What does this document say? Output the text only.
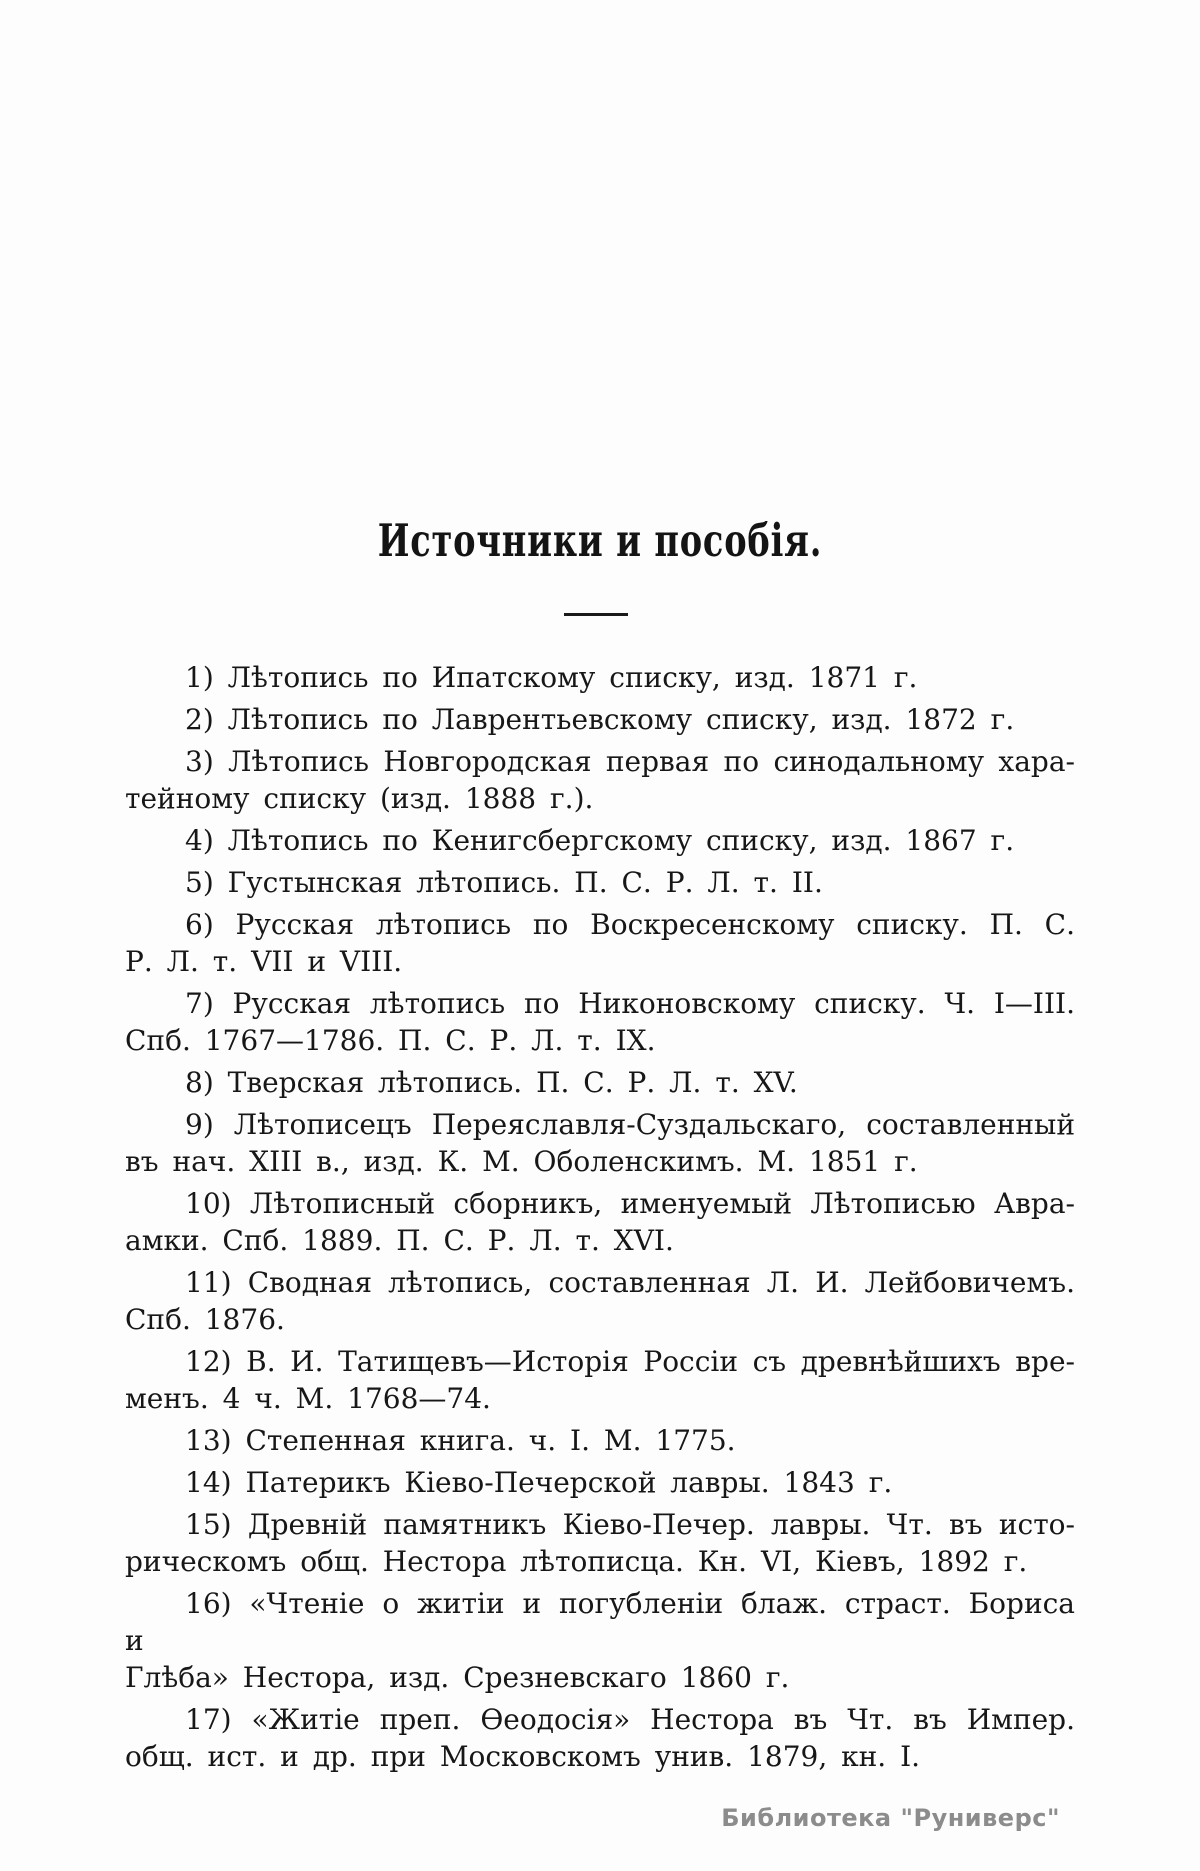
Источники и пособія.
1) Лѣтопись по Ипатскому списку, изд. 1871 г.
2) Лѣтопись по Лаврентьевскому списку, изд. 1872 г.
3) Лѣтопись Новгородская первая по синодальному хара-
тейному списку (изд. 1888 г.).
4) Лѣтопись по Кенигсбергскому списку, изд. 1867 г.
5) Густынская лѣтопись. П. С. Р. Л. т. II.
6) Русская лѣтопись по Воскресенскому списку. П. С.
Р. Л. т. VII и VIII.
7) Русская лѣтопись по Никоновскому списку. Ч. I—III.
Спб. 1767—1786. П. С. Р. Л. т. IX.
8) Тверская лѣтопись. П. С. Р. Л. т. XV.
9) Лѣтописецъ Переяславля-Суздальскаго, составленный
въ нач. XIII в., изд. К. М. Оболенскимъ. М. 1851 г.
10) Лѣтописный сборникъ, именуемый Лѣтописью Авра-
амки. Спб. 1889. П. С. Р. Л. т. XVI.
11) Сводная лѣтопись, составленная Л. И. Лейбовичемъ.
Спб. 1876.
12) В. И. Татищевъ—Исторія Россіи съ древнѣйшихъ вре-
менъ. 4 ч. М. 1768—74.
13) Степенная книга. ч. I. М. 1775.
14) Патерикъ Кіево-Печерской лавры. 1843 г.
15) Древній памятникъ Кіево-Печер. лавры. Чт. въ исто-
рическомъ общ. Нестора лѣтописца. Кн. VI, Кіевъ, 1892 г.
16) «Чтеніе о житіи и погубленіи блаж. страст. Бориса и
Глѣба» Нестора, изд. Срезневскаго 1860 г.
17) «Житіе преп. Ѳеодосія» Нестора въ Чт. въ Импер.
общ. ист. и др. при Московскомъ унив. 1879, кн. I.
Библиотека "Руниверс"
